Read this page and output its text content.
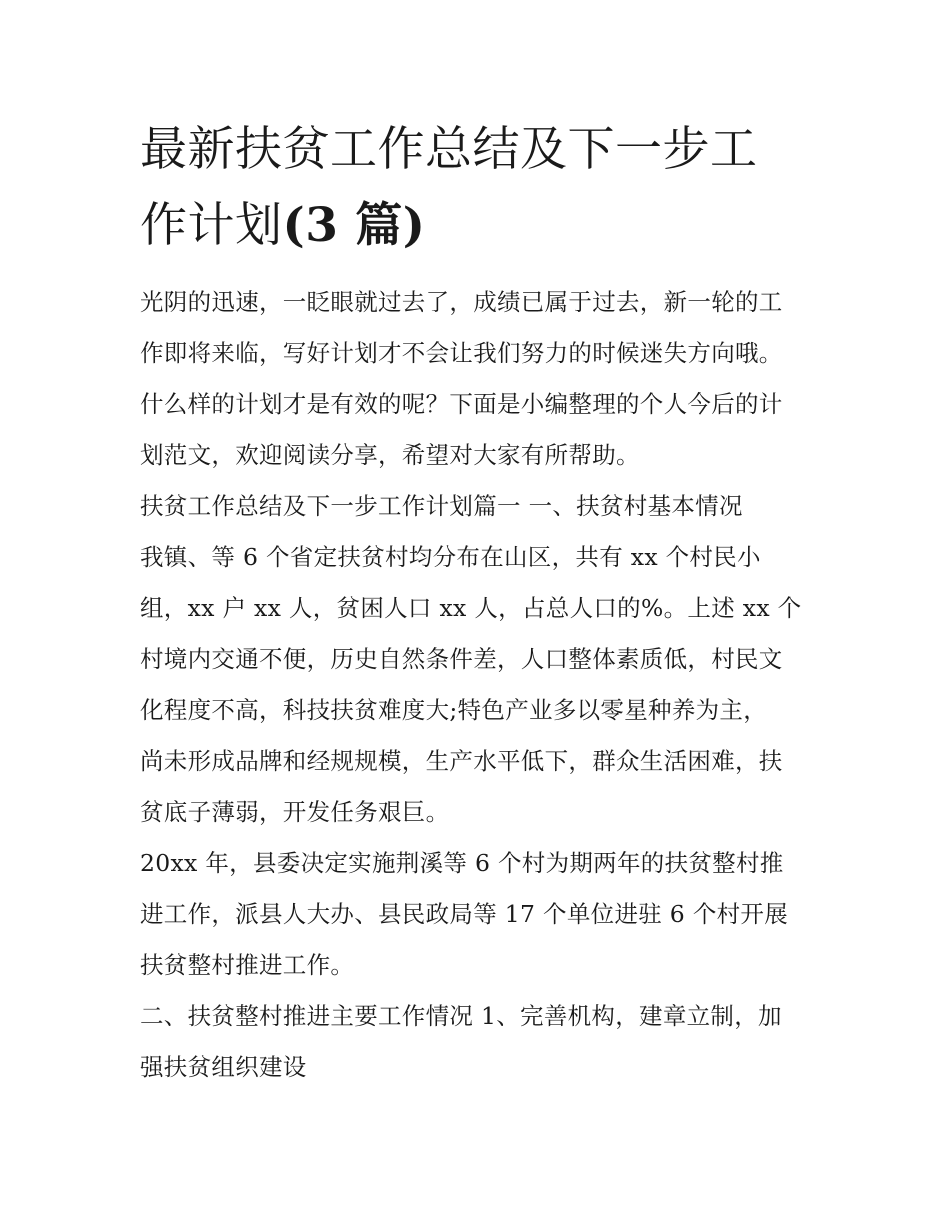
最新扶贫工作总结及下一步工
作计划(3 篇)

光阴的迅速，一眨眼就过去了，成绩已属于过去，新一轮的工
作即将来临，写好计划才不会让我们努力的时候迷失方向哦。
什么样的计划才是有效的呢？下面是小编整理的个人今后的计
划范文，欢迎阅读分享，希望对大家有所帮助。

扶贫工作总结及下一步工作计划篇一 一、扶贫村基本情况

我镇、等 6 个省定扶贫村均分布在山区，共有 xx 个村民小
组，xx 户 xx 人，贫困人口 xx 人，占总人口的%。上述 xx 个
村境内交通不便，历史自然条件差，人口整体素质低，村民文
化程度不高，科技扶贫难度大;特色产业多以零星种养为主，
尚未形成品牌和经规规模，生产水平低下，群众生活困难，扶
贫底子薄弱，开发任务艰巨。

20xx 年，县委决定实施荆溪等 6 个村为期两年的扶贫整村推
进工作，派县人大办、县民政局等 17 个单位进驻 6 个村开展
扶贫整村推进工作。

二、扶贫整村推进主要工作情况 1、完善机构，建章立制，加
强扶贫组织建设
